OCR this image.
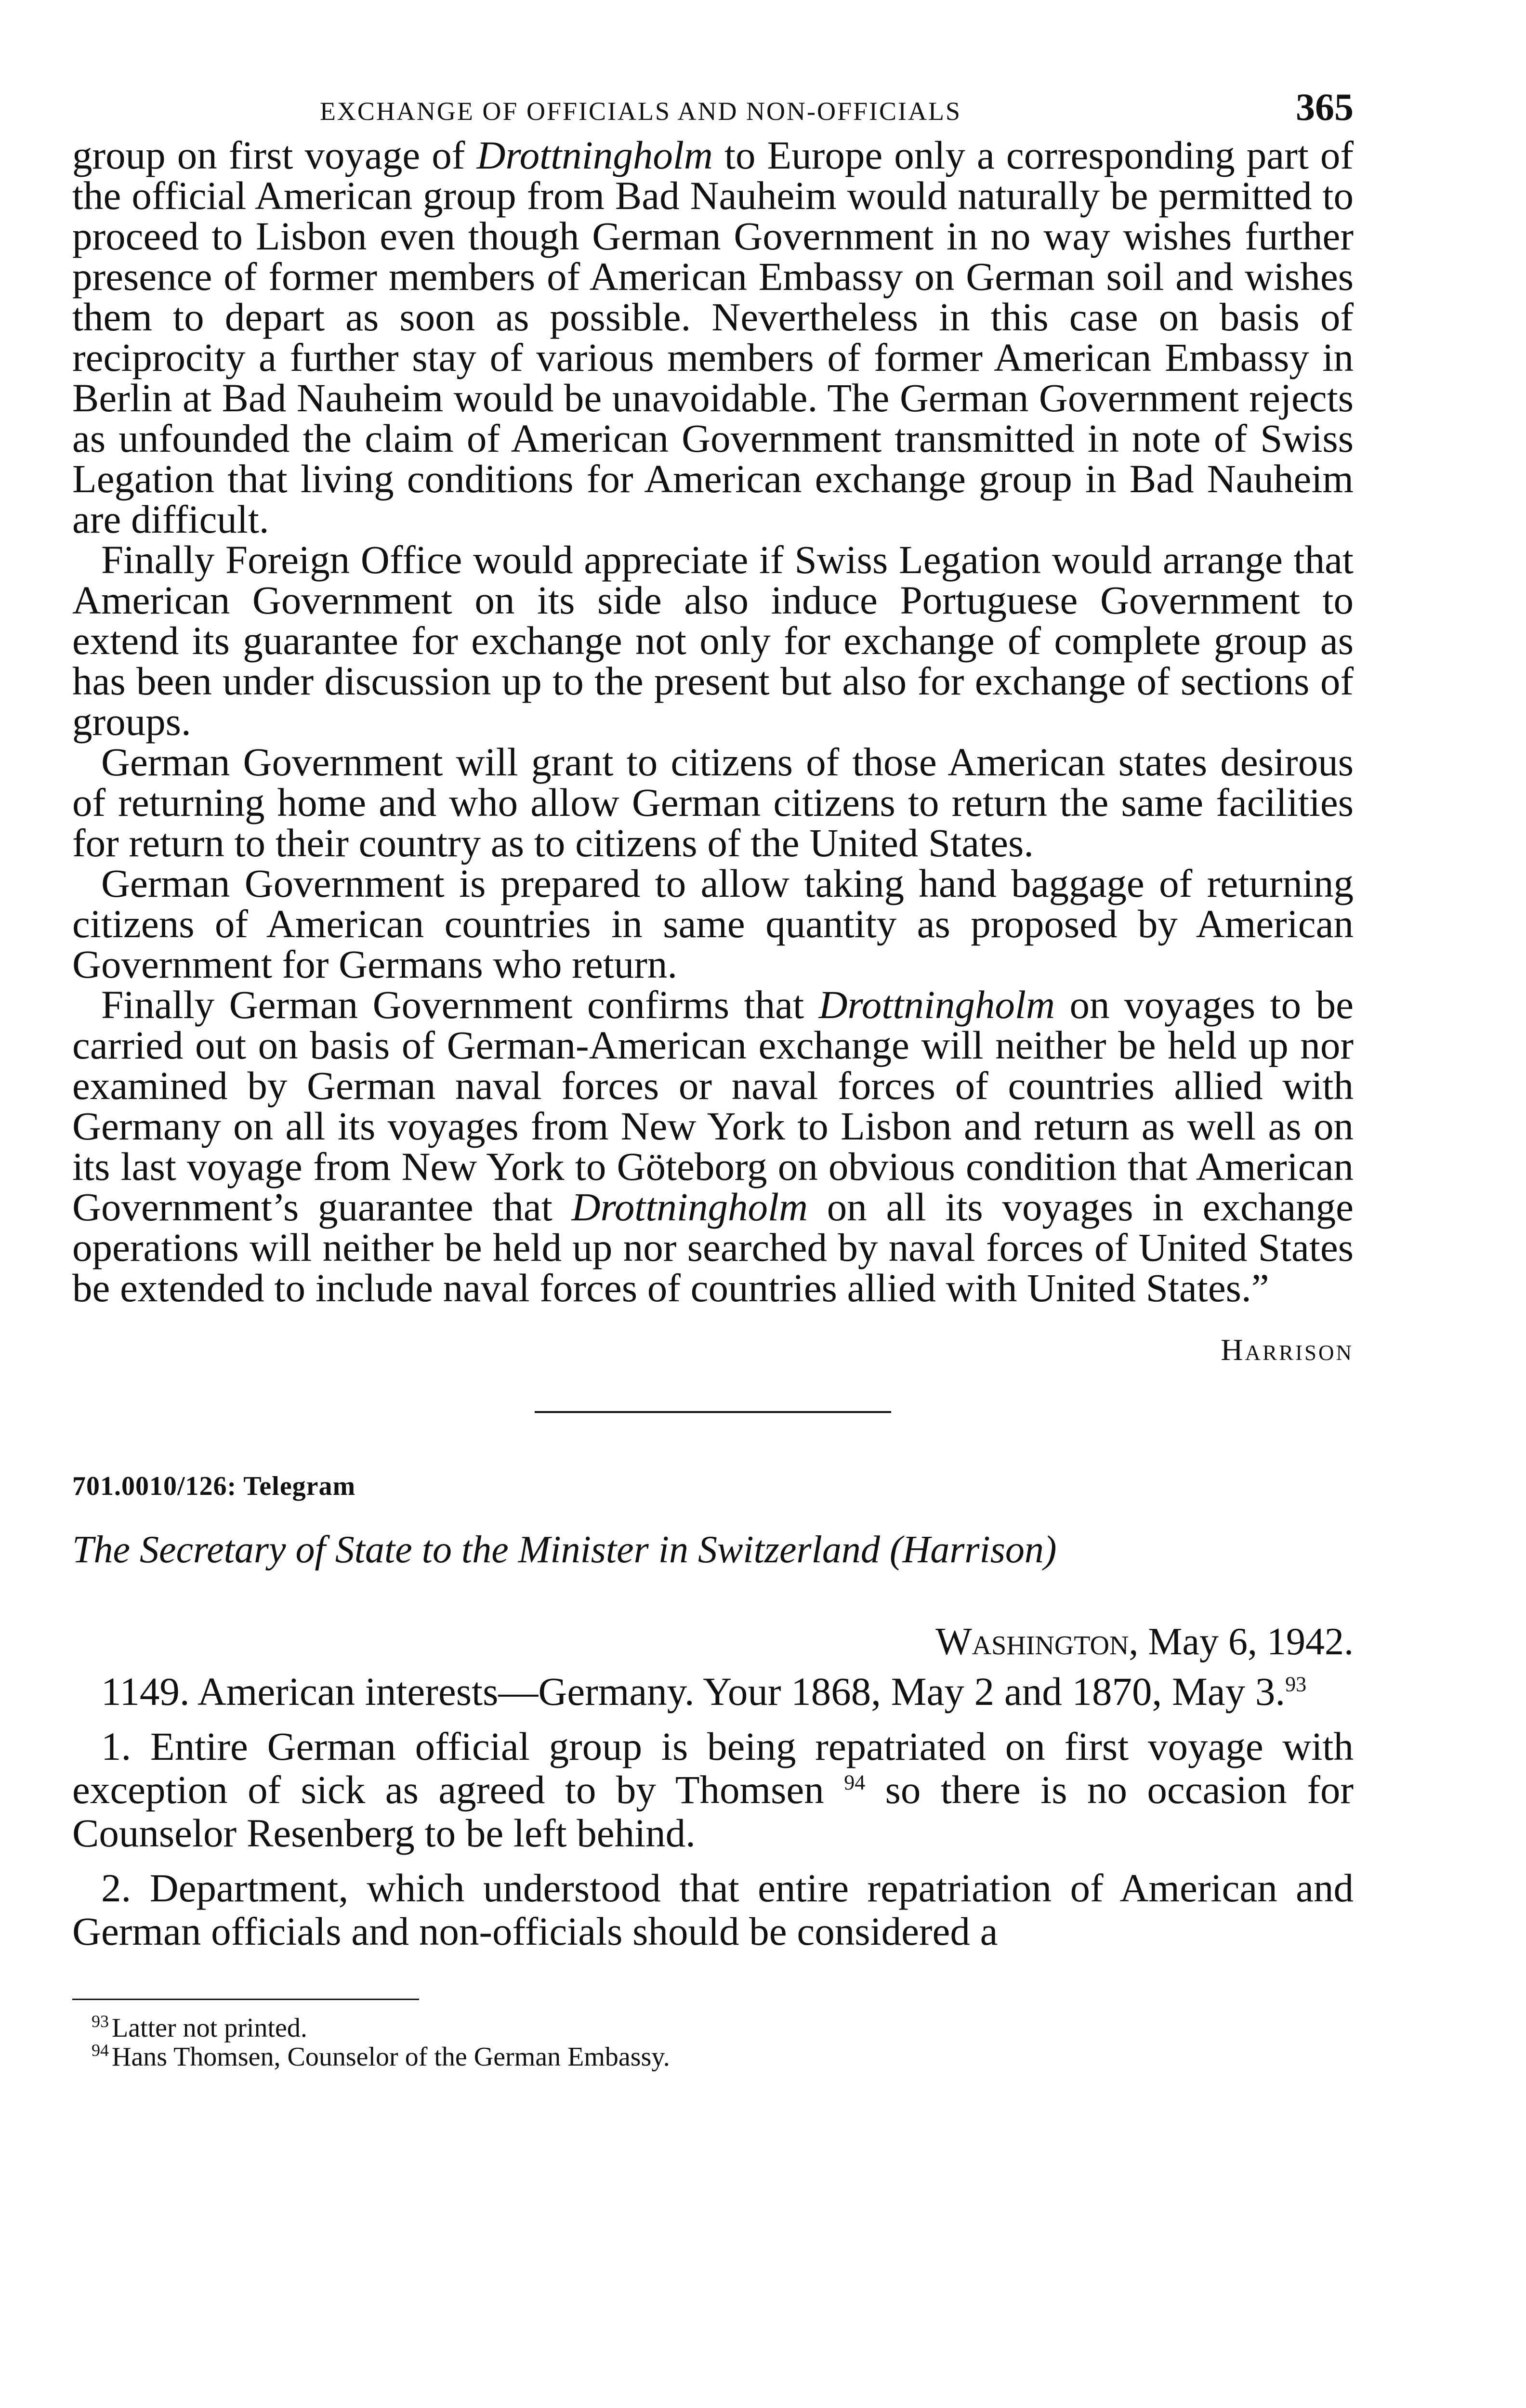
EXCHANGE OF OFFICIALS AND NON-OFFICIALS	365

group on first voyage of Drottningholm to Europe only a corresponding part of the official American group from Bad Nauheim would naturally be permitted to proceed to Lisbon even though German Government in no way wishes further presence of former members of American Embassy on German soil and wishes them to depart as soon as possible. Nevertheless in this case on basis of reciprocity a further stay of various members of former American Embassy in Berlin at Bad Nauheim would be unavoidable. The German Government rejects as unfounded the claim of American Government transmitted in note of Swiss Legation that living conditions for American exchange group in Bad Nauheim are difficult.

Finally Foreign Office would appreciate if Swiss Legation would arrange that American Government on its side also induce Portuguese Government to extend its guarantee for exchange not only for exchange of complete group as has been under discussion up to the present but also for exchange of sections of groups.

German Government will grant to citizens of those American states desirous of returning home and who allow German citizens to return the same facilities for return to their country as to citizens of the United States.

German Government is prepared to allow taking hand baggage of returning citizens of American countries in same quantity as proposed by American Government for Germans who return.

Finally German Government confirms that Drottningholm on voyages to be carried out on basis of German-American exchange will neither be held up nor examined by German naval forces or naval forces of countries allied with Germany on all its voyages from New York to Lisbon and return as well as on its last voyage from New York to Göteborg on obvious condition that American Government’s guarantee that Drottningholm on all its voyages in exchange operations will neither be held up nor searched by naval forces of United States be extended to include naval forces of countries allied with United States.”

Harrison
701.0010/126: Telegram
The Secretary of State to the Minister in Switzerland (Harrison)
Washington, May 6, 1942.

1149. American interests—Germany. Your 1868, May 2 and 1870, May 3.93

1. Entire German official group is being repatriated on first voyage with exception of sick as agreed to by Thomsen $^{94}$ so there is no occasion for Counselor Resenberg to be left behind.

2. Department, which understood that entire repatriation of American and German officials and non-officials should be considered a

$^{93}$ Latter not printed.

$^{94}$ Hans Thomsen, Counselor of the German Embassy.
